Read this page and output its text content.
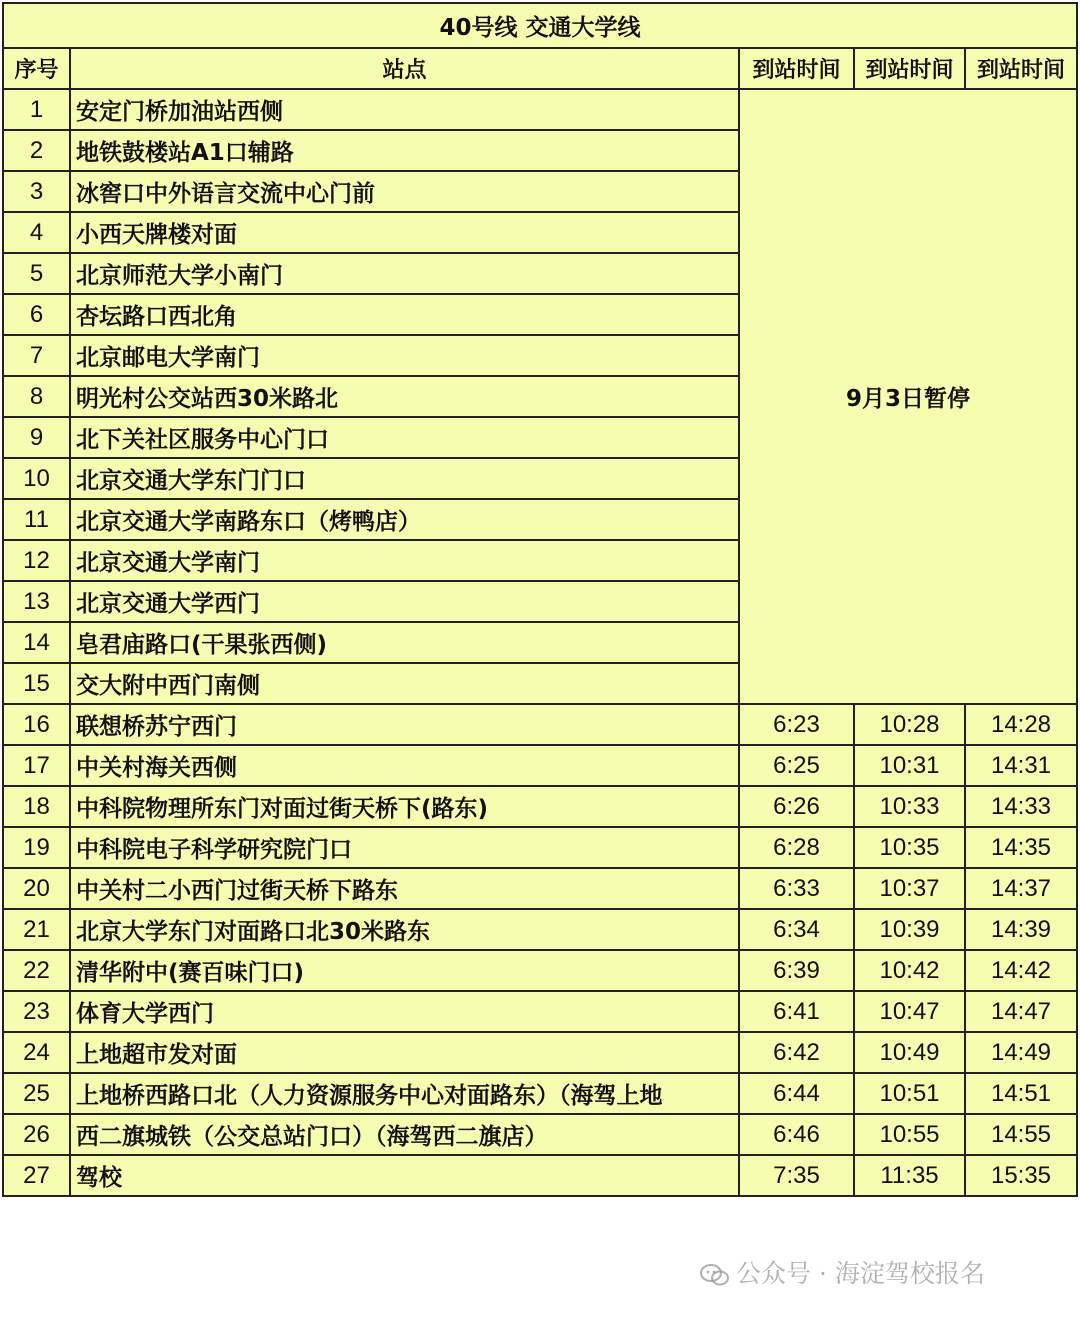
40号线 交通大学线				
序号	站点	到站时间	到站时间	到站时间
1	安定门桥加油站西侧	9月3日暂停		
2	地铁鼓楼站A1口辅路			
3	冰窖口中外语言交流中心门前			
4	小西天牌楼对面			
5	北京师范大学小南门			
6	杏坛路口西北角			
7	北京邮电大学南门			
8	明光村公交站西30米路北			
9	北下关社区服务中心门口			
10	北京交通大学东门门口			
11	北京交通大学南路东口（烤鸭店）			
12	北京交通大学南门			
13	北京交通大学西门			
14	皂君庙路口(干果张西侧)			
15	交大附中西门南侧			
16	联想桥苏宁西门	6:23	10:28	14:28
17	中关村海关西侧	6:25	10:31	14:31
18	中科院物理所东门对面过街天桥下(路东)	6:26	10:33	14:33
19	中科院电子科学研究院门口	6:28	10:35	14:35
20	中关村二小西门过街天桥下路东	6:33	10:37	14:37
21	北京大学东门对面路口北30米路东	6:34	10:39	14:39
22	清华附中(赛百味门口)	6:39	10:42	14:42
23	体育大学西门	6:41	10:47	14:47
24	上地超市发对面	6:42	10:49	14:49
25	上地桥西路口北（人力资源服务中心对面路东）（海驾上地	6:44	10:51	14:51
26	西二旗城铁（公交总站门口）（海驾西二旗店）	6:46	10:55	14:55
27	驾校	7:35	11:35	15:35
公众号 · 海淀驾校报名
